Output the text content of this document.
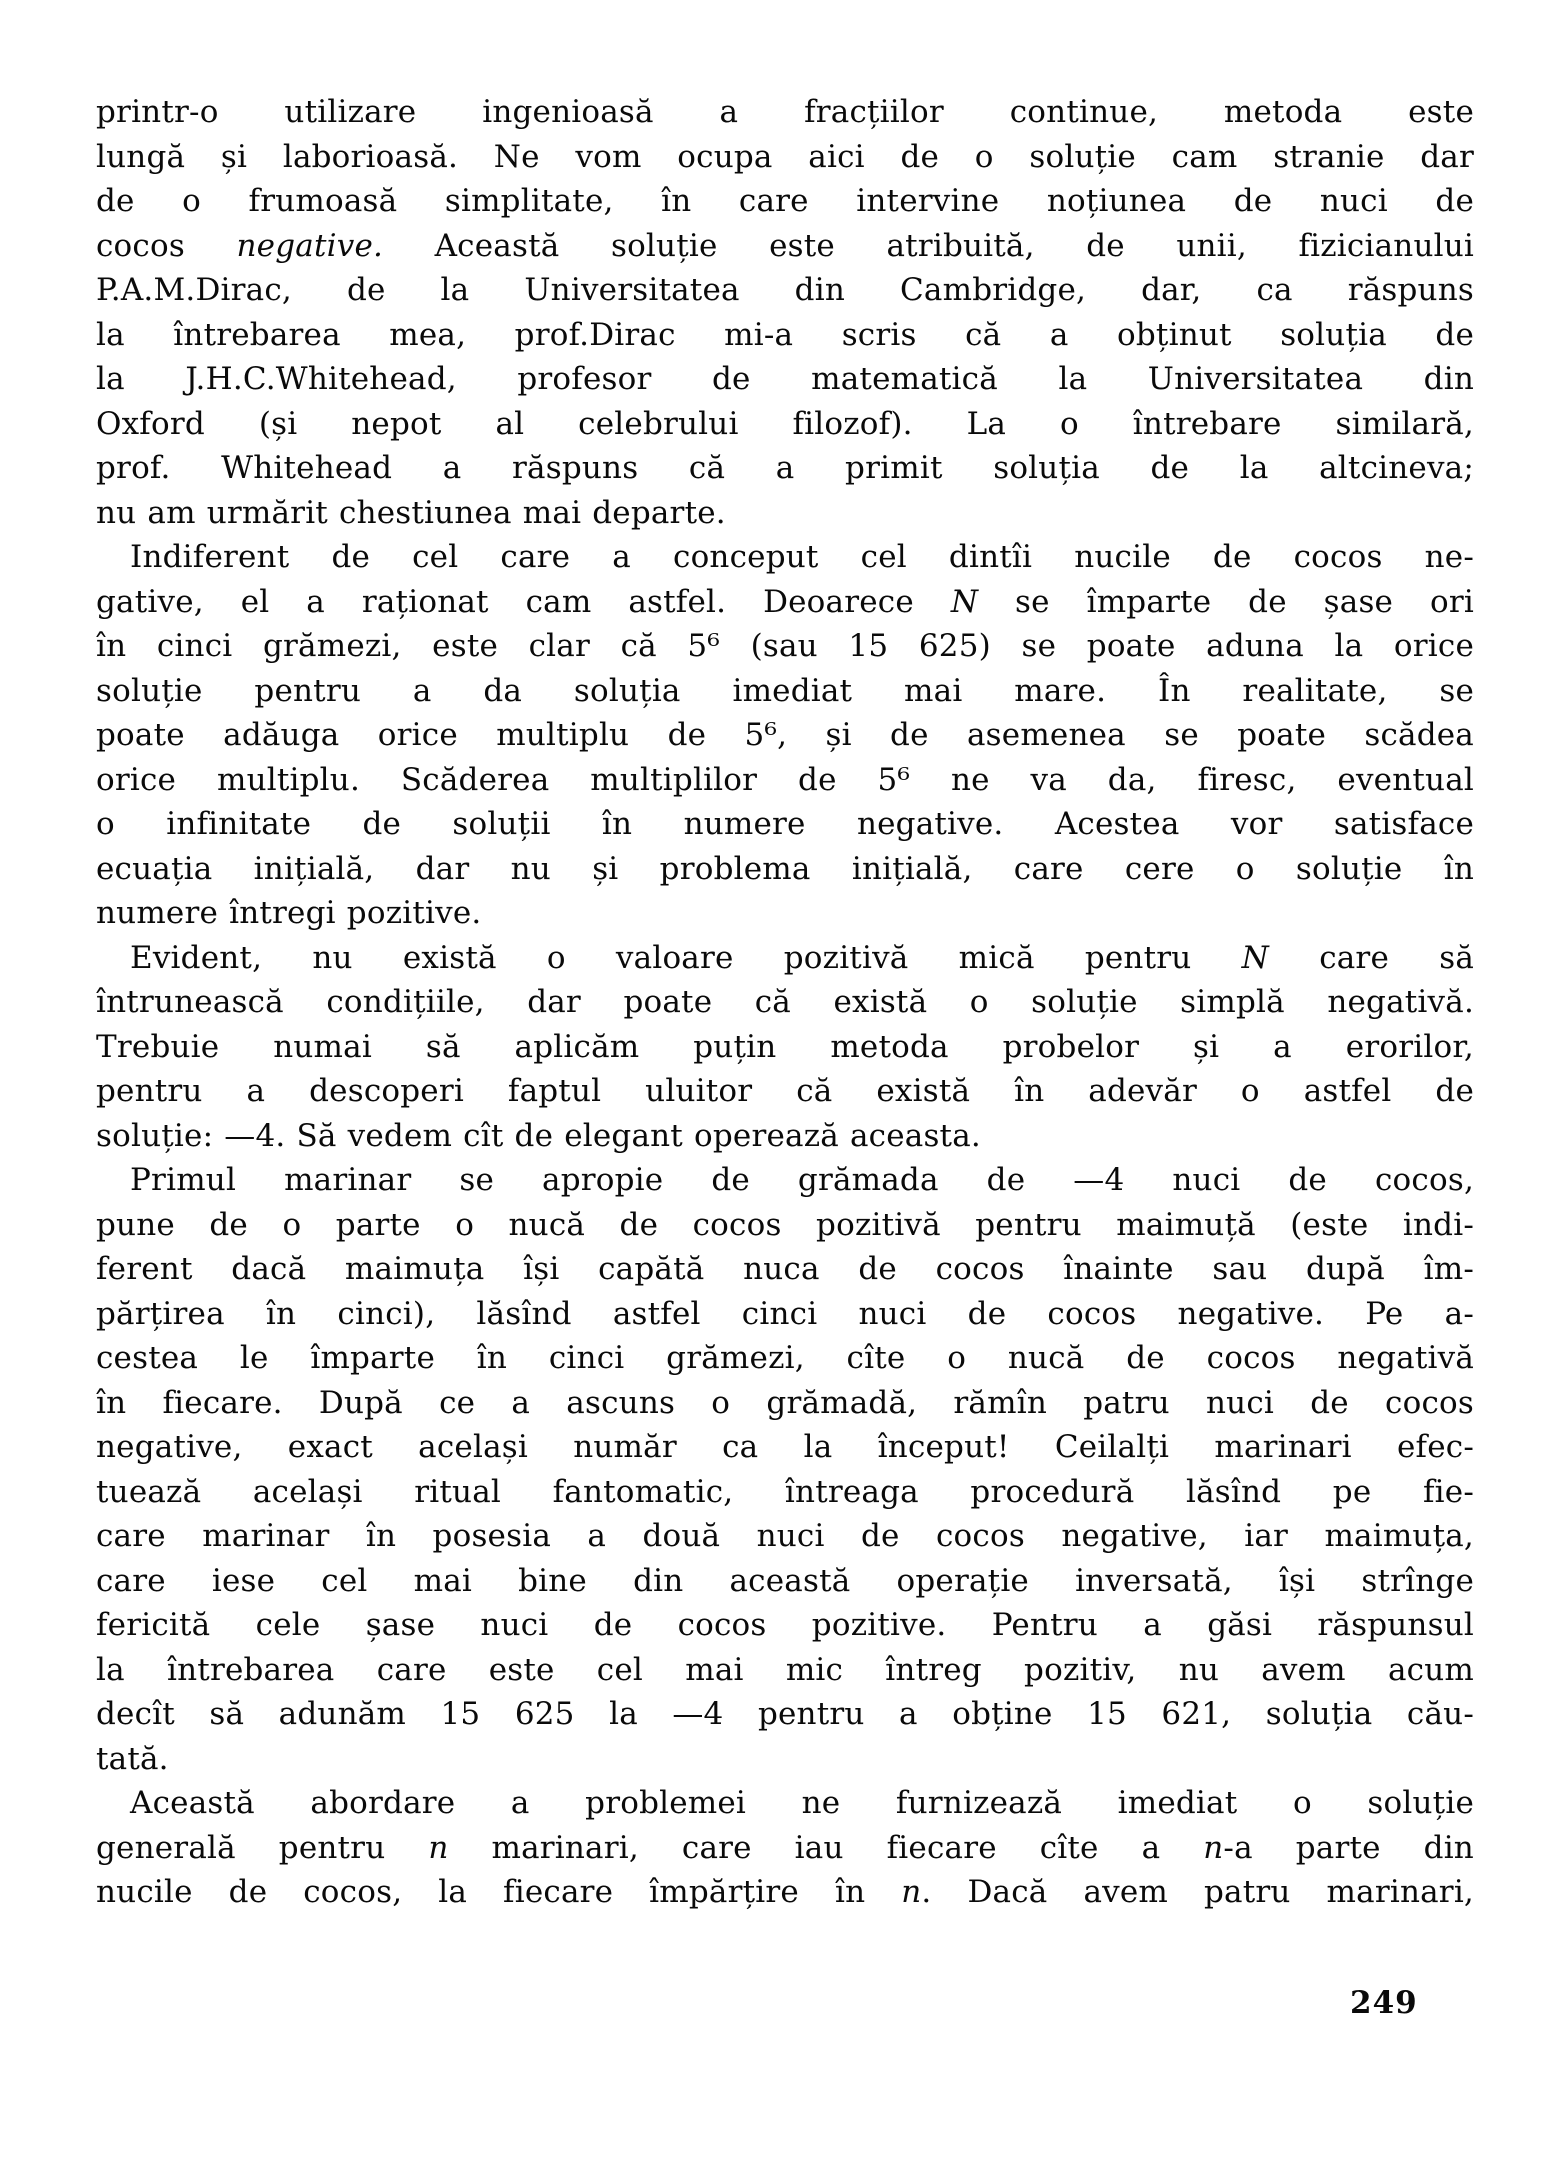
printr-o utilizare ingenioasă a fracțiilor continue, metoda este
lungă și laborioasă. Ne vom ocupa aici de o soluție cam stranie dar
de o frumoasă simplitate, în care intervine noțiunea de nuci de
cocos negative. Această soluție este atribuită, de unii, fizicianului
P.A.M.Dirac, de la Universitatea din Cambridge, dar, ca răspuns
la întrebarea mea, prof.Dirac mi-a scris că a obținut soluția de
la J.H.C.Whitehead, profesor de matematică la Universitatea din
Oxford (și nepot al celebrului filozof). La o întrebare similară,
prof. Whitehead a răspuns că a primit soluția de la altcineva;
nu am urmărit chestiunea mai departe.
Indiferent de cel care a conceput cel dintîi nucile de cocos ne-
gative, el a raționat cam astfel. Deoarece N se împarte de șase ori
în cinci grămezi, este clar că 5⁶ (sau 15 625) se poate aduna la orice
soluție pentru a da soluția imediat mai mare. În realitate, se
poate adăuga orice multiplu de 5⁶, și de asemenea se poate scădea
orice multiplu. Scăderea multiplilor de 5⁶ ne va da, firesc, eventual
o infinitate de soluții în numere negative. Acestea vor satisface
ecuația inițială, dar nu și problema inițială, care cere o soluție în
numere întregi pozitive.
Evident, nu există o valoare pozitivă mică pentru N care să
întrunească condițiile, dar poate că există o soluție simplă negativă.
Trebuie numai să aplicăm puțin metoda probelor și a erorilor,
pentru a descoperi faptul uluitor că există în adevăr o astfel de
soluție: —4. Să vedem cît de elegant operează aceasta.
Primul marinar se apropie de grămada de —4 nuci de cocos,
pune de o parte o nucă de cocos pozitivă pentru maimuță (este indi-
ferent dacă maimuța își capătă nuca de cocos înainte sau după îm-
părțirea în cinci), lăsînd astfel cinci nuci de cocos negative. Pe a-
cestea le împarte în cinci grămezi, cîte o nucă de cocos negativă
în fiecare. După ce a ascuns o grămadă, rămîn patru nuci de cocos
negative, exact același număr ca la început! Ceilalți marinari efec-
tuează același ritual fantomatic, întreaga procedură lăsînd pe fie-
care marinar în posesia a două nuci de cocos negative, iar maimuța,
care iese cel mai bine din această operație inversată, își strînge
fericită cele șase nuci de cocos pozitive. Pentru a găsi răspunsul
la întrebarea care este cel mai mic întreg pozitiv, nu avem acum
decît să adunăm 15 625 la —4 pentru a obține 15 621, soluția cău-
tată.
Această abordare a problemei ne furnizează imediat o soluție
generală pentru n marinari, care iau fiecare cîte a n-a parte din
nucile de cocos, la fiecare împărțire în n. Dacă avem patru marinari,
249
